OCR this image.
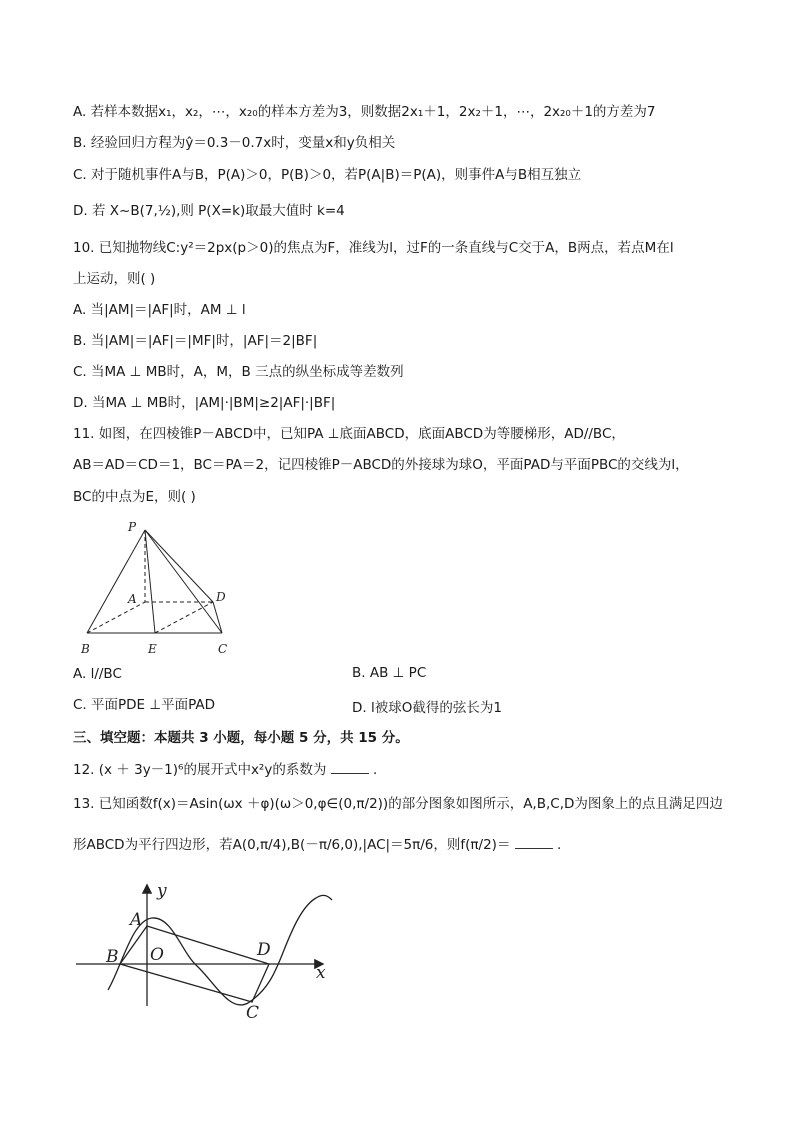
A. 若样本数据x₁，x₂，⋯，x₂₀的样本方差为3，则数据2x₁＋1，2x₂＋1，⋯，2x₂₀＋1的方差为7
B. 经验回归方程为ŷ＝0.3－0.7x时，变量x和y负相关
C. 对于随机事件A与B，P(A)＞0，P(B)＞0，若P(A|B)＝P(A)，则事件A与B相互独立
D. 若 X~B(7,½),则 P(X=k)取最大值时 k=4
10. 已知抛物线C:y²＝2px(p＞0)的焦点为F，准线为l，过F的一条直线与C交于A，B两点，若点M在l
上运动，则( )
A. 当|AM|＝|AF|时，AM ⊥ l
B. 当|AM|＝|AF|＝|MF|时，|AF|＝2|BF|
C. 当MA ⊥ MB时，A，M，B 三点的纵坐标成等差数列
D. 当MA ⊥ MB时，|AM|·|BM|≥2|AF|·|BF|
11. 如图，在四棱锥P－ABCD中，已知PA ⊥底面ABCD，底面ABCD为等腰梯形，AD//BC，
AB＝AD＝CD＝1，BC＝PA＝2，记四棱锥P－ABCD的外接球为球O，平面PAD与平面PBC的交线为l，
BC的中点为E，则( )
P
A	D
B	E	C
A. l//BC	B. AB ⊥ PC
C. 平面PDE ⊥平面PAD	D. l被球O截得的弦长为1
三、填空题：本题共 3 小题，每小题 5 分，共 15 分。
12. (x ＋ 3y－1)⁶的展开式中x²y的系数为	.
13. 已知函数f(x)＝Asin(ωx ＋φ)(ω＞0,φ∈(0,π/2))的部分图象如图所示，A,B,C,D为图象上的点且满足四边
形ABCD为平行四边形，若A(0,π/4),B(－π/6,0),|AC|＝5π/6，则f(π/2)＝	.
y
x
O
A
B
C
D
